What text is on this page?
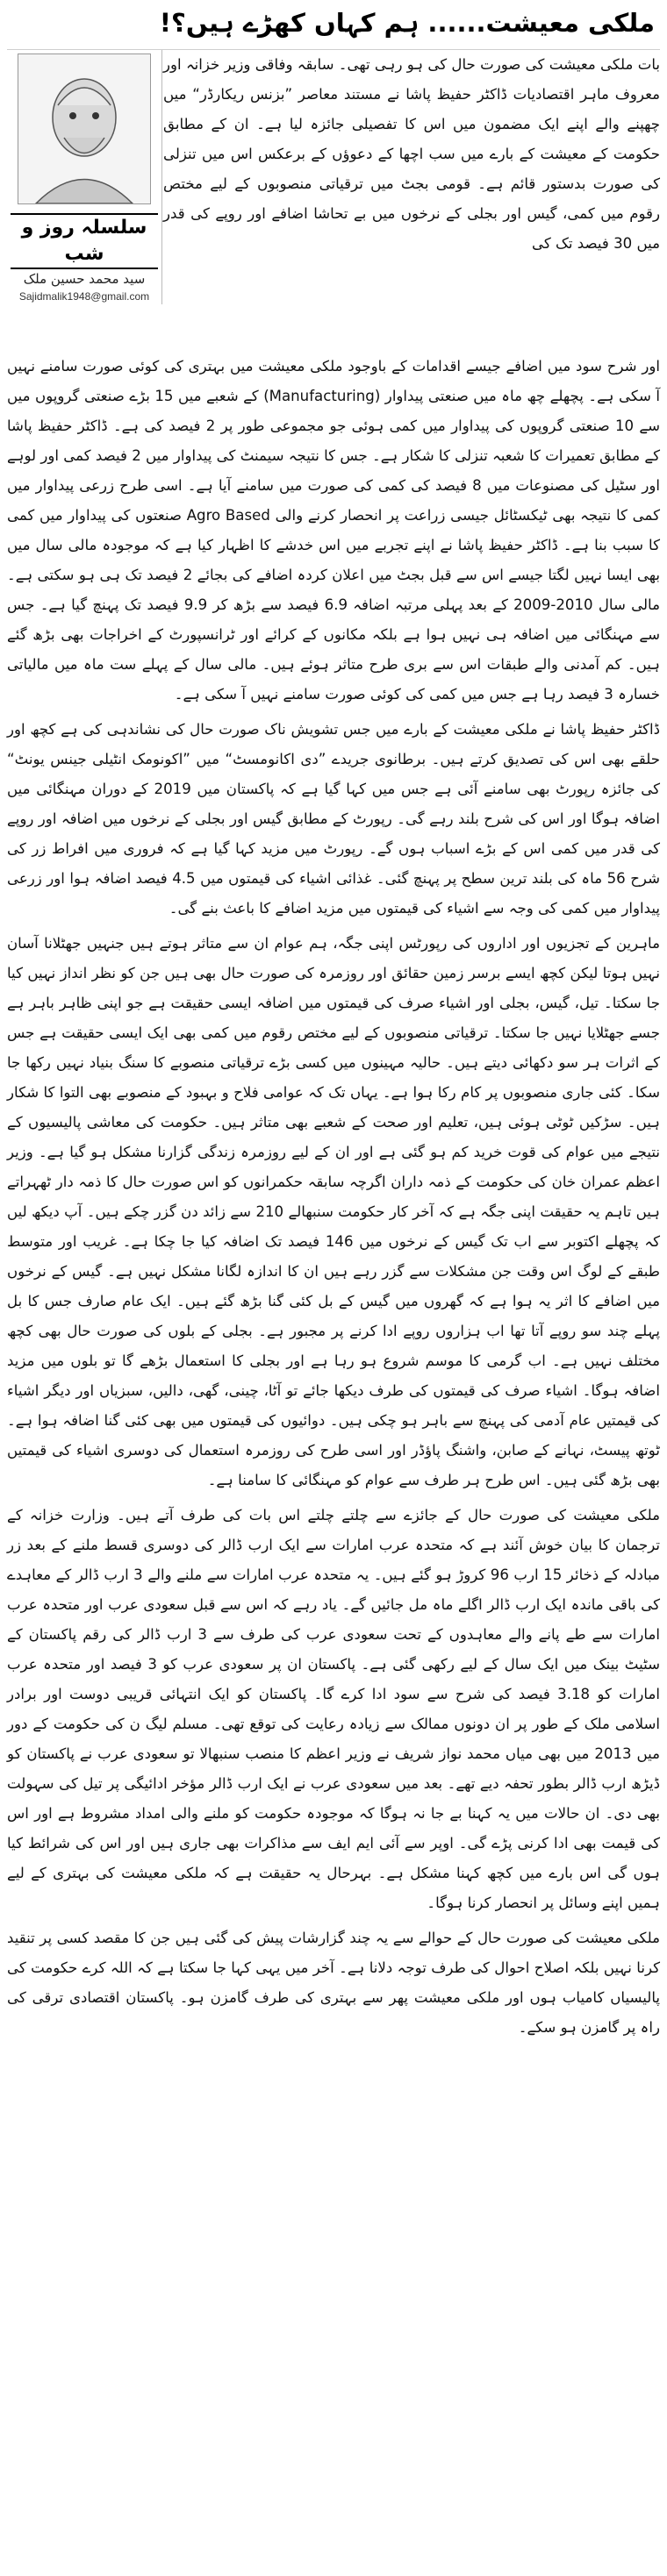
ملکی معیشت...... ہم کہاں کھڑے ہیں؟!

بات ملکی معیشت کی صورت حال کی ہو رہی تھی۔ سابقہ وفاقی وزیر خزانہ اور معروف ماہر اقتصادیات ڈاکٹر حفیظ پاشا نے مستند معاصر ”بزنس ریکارڈر“ میں چھپنے والے اپنے ایک مضمون میں اس کا تفصیلی جائزہ لیا ہے۔ ان کے مطابق حکومت کے معیشت کے بارے میں سب اچھا کے دعوؤں کے برعکس اس میں تنزلی کی صورت بدستور قائم ہے۔ قومی بجٹ میں ترقیاتی منصوبوں کے لیے مختص رقوم میں کمی، گیس اور بجلی کے نرخوں میں بے تحاشا اضافے اور روپے کی قدر میں 30 فیصد تک کی

سلسلہ روز و شب
سید محمد حسین ملک
Sajidmalik1948@gmail.com

اور شرح سود میں اضافے جیسے اقدامات کے باوجود ملکی معیشت میں بہتری کی کوئی صورت سامنے نہیں آ سکی ہے۔ پچھلے چھ ماہ میں صنعتی پیداوار (Manufacturing) کے شعبے میں 15 بڑے صنعتی گروپوں میں سے 10 صنعتی گروپوں کی پیداوار میں کمی ہوئی جو مجموعی طور پر 2 فیصد کی ہے۔ ڈاکٹر حفیظ پاشا کے مطابق تعمیرات کا شعبہ تنزلی کا شکار ہے۔ جس کا نتیجہ سیمنٹ کی پیداوار میں 2 فیصد کمی اور لوہے اور سٹیل کی مصنوعات میں 8 فیصد کی کمی کی صورت میں سامنے آیا ہے۔ اسی طرح زرعی پیداوار میں کمی کا نتیجہ بھی ٹیکسٹائل جیسی زراعت پر انحصار کرنے والی Agro Based صنعتوں کی پیداوار میں کمی کا سبب بنا ہے۔ ڈاکٹر حفیظ پاشا نے اپنے تجربے میں اس خدشے کا اظہار کیا ہے کہ موجودہ مالی سال میں بھی ایسا نہیں لگتا جیسے اس سے قبل بجٹ میں اعلان کردہ اضافے کی بجائے 2 فیصد تک ہی ہو سکتی ہے۔ مالی سال 2010-2009 کے بعد پہلی مرتبہ اضافہ 6.9 فیصد سے بڑھ کر 9.9 فیصد تک پہنچ گیا ہے۔ جس سے مہنگائی میں اضافہ ہی نہیں ہوا ہے بلکہ مکانوں کے کرائے اور ٹرانسپورٹ کے اخراجات بھی بڑھ گئے ہیں۔ کم آمدنی والے طبقات اس سے بری طرح متاثر ہوئے ہیں۔ مالی سال کے پہلے ست ماہ میں مالیاتی خسارہ 3 فیصد رہا ہے جس میں کمی کی کوئی صورت سامنے نہیں آ سکی ہے۔

ڈاکٹر حفیظ پاشا نے ملکی معیشت کے بارے میں جس تشویش ناک صورت حال کی نشاندہی کی ہے کچھ اور حلقے بھی اس کی تصدیق کرتے ہیں۔ برطانوی جریدے ”دی اکانومسٹ“ میں ”اکونومک انٹیلی جینس یونٹ“ کی جائزہ رپورٹ بھی سامنے آئی ہے جس میں کہا گیا ہے کہ پاکستان میں 2019 کے دوران مہنگائی میں اضافہ ہوگا اور اس کی شرح بلند رہے گی۔ رپورٹ کے مطابق گیس اور بجلی کے نرخوں میں اضافہ اور روپے کی قدر میں کمی اس کے بڑے اسباب ہوں گے۔ رپورٹ میں مزید کہا گیا ہے کہ فروری میں افراط زر کی شرح 56 ماہ کی بلند ترین سطح پر پہنچ گئی۔ غذائی اشیاء کی قیمتوں میں 4.5 فیصد اضافہ ہوا اور زرعی پیداوار میں کمی کی وجہ سے اشیاء کی قیمتوں میں مزید اضافے کا باعث بنے گی۔

ماہرین کے تجزیوں اور اداروں کی رپورٹس اپنی جگہ، ہم عوام ان سے متاثر ہوتے ہیں جنہیں جھٹلانا آسان نہیں ہوتا لیکن کچھ ایسے برسر زمین حقائق اور روزمرہ کی صورت حال بھی ہیں جن کو نظر انداز نہیں کیا جا سکتا۔ تیل، گیس، بجلی اور اشیاء صرف کی قیمتوں میں اضافہ ایسی حقیقت ہے جو اپنی ظاہر باہر ہے جسے جھٹلایا نہیں جا سکتا۔ ترقیاتی منصوبوں کے لیے مختص رقوم میں کمی بھی ایک ایسی حقیقت ہے جس کے اثرات ہر سو دکھائی دیتے ہیں۔ حالیہ مہینوں میں کسی بڑے ترقیاتی منصوبے کا سنگ بنیاد نہیں رکھا جا سکا۔ کئی جاری منصوبوں پر کام رکا ہوا ہے۔ یہاں تک کہ عوامی فلاح و بہبود کے منصوبے بھی التوا کا شکار ہیں۔ سڑکیں ٹوٹی ہوئی ہیں، تعلیم اور صحت کے شعبے بھی متاثر ہیں۔ حکومت کی معاشی پالیسیوں کے نتیجے میں عوام کی قوت خرید کم ہو گئی ہے اور ان کے لیے روزمرہ زندگی گزارنا مشکل ہو گیا ہے۔ وزیر اعظم عمران خان کی حکومت کے ذمہ داران اگرچہ سابقہ حکمرانوں کو اس صورت حال کا ذمہ دار ٹھہراتے ہیں تاہم یہ حقیقت اپنی جگہ ہے کہ آخر کار حکومت سنبھالے 210 سے زائد دن گزر چکے ہیں۔ آپ دیکھ لیں کہ پچھلے اکتوبر سے اب تک گیس کے نرخوں میں 146 فیصد تک اضافہ کیا جا چکا ہے۔ غریب اور متوسط طبقے کے لوگ اس وقت جن مشکلات سے گزر رہے ہیں ان کا اندازہ لگانا مشکل نہیں ہے۔ گیس کے نرخوں میں اضافے کا اثر یہ ہوا ہے کہ گھروں میں گیس کے بل کئی گنا بڑھ گئے ہیں۔ ایک عام صارف جس کا بل پہلے چند سو روپے آتا تھا اب ہزاروں روپے ادا کرنے پر مجبور ہے۔ بجلی کے بلوں کی صورت حال بھی کچھ مختلف نہیں ہے۔ اب گرمی کا موسم شروع ہو رہا ہے اور بجلی کا استعمال بڑھے گا تو بلوں میں مزید اضافہ ہوگا۔ اشیاء صرف کی قیمتوں کی طرف دیکھا جائے تو آٹا، چینی، گھی، دالیں، سبزیاں اور دیگر اشیاء کی قیمتیں عام آدمی کی پہنچ سے باہر ہو چکی ہیں۔ دوائیوں کی قیمتوں میں بھی کئی گنا اضافہ ہوا ہے۔ ٹوتھ پیسٹ، نہانے کے صابن، واشنگ پاؤڈر اور اسی طرح کی روزمرہ استعمال کی دوسری اشیاء کی قیمتیں بھی بڑھ گئی ہیں۔ اس طرح ہر طرف سے عوام کو مہنگائی کا سامنا ہے۔

ملکی معیشت کی صورت حال کے جائزے سے چلتے چلتے اس بات کی طرف آتے ہیں۔ وزارت خزانہ کے ترجمان کا بیان خوش آئند ہے کہ متحدہ عرب امارات سے ایک ارب ڈالر کی دوسری قسط ملنے کے بعد زر مبادلہ کے ذخائر 15 ارب 96 کروڑ ہو گئے ہیں۔ یہ متحدہ عرب امارات سے ملنے والے 3 ارب ڈالر کے معاہدے کی باقی ماندہ ایک ارب ڈالر اگلے ماہ مل جائیں گے۔ یاد رہے کہ اس سے قبل سعودی عرب اور متحدہ عرب امارات سے طے پانے والے معاہدوں کے تحت سعودی عرب کی طرف سے 3 ارب ڈالر کی رقم پاکستان کے سٹیٹ بینک میں ایک سال کے لیے رکھی گئی ہے۔ پاکستان ان پر سعودی عرب کو 3 فیصد اور متحدہ عرب امارات کو 3.18 فیصد کی شرح سے سود ادا کرے گا۔ پاکستان کو ایک انتہائی قریبی دوست اور برادر اسلامی ملک کے طور پر ان دونوں ممالک سے زیادہ رعایت کی توقع تھی۔ مسلم لیگ ن کی حکومت کے دور میں 2013 میں بھی میاں محمد نواز شریف نے وزیر اعظم کا منصب سنبھالا تو سعودی عرب نے پاکستان کو ڈیڑھ ارب ڈالر بطور تحفہ دیے تھے۔ بعد میں سعودی عرب نے ایک ارب ڈالر مؤخر ادائیگی پر تیل کی سہولت بھی دی۔ ان حالات میں یہ کہنا بے جا نہ ہوگا کہ موجودہ حکومت کو ملنے والی امداد مشروط ہے اور اس کی قیمت بھی ادا کرنی پڑے گی۔ اوپر سے آئی ایم ایف سے مذاکرات بھی جاری ہیں اور اس کی شرائط کیا ہوں گی اس بارے میں کچھ کہنا مشکل ہے۔ بہرحال یہ حقیقت ہے کہ ملکی معیشت کی بہتری کے لیے ہمیں اپنے وسائل پر انحصار کرنا ہوگا۔

ملکی معیشت کی صورت حال کے حوالے سے یہ چند گزارشات پیش کی گئی ہیں جن کا مقصد کسی پر تنقید کرنا نہیں بلکہ اصلاح احوال کی طرف توجہ دلانا ہے۔ آخر میں یہی کہا جا سکتا ہے کہ اللہ کرے حکومت کی پالیسیاں کامیاب ہوں اور ملکی معیشت پھر سے بہتری کی طرف گامزن ہو۔ پاکستان اقتصادی ترقی کی راہ پر گامزن ہو سکے۔
